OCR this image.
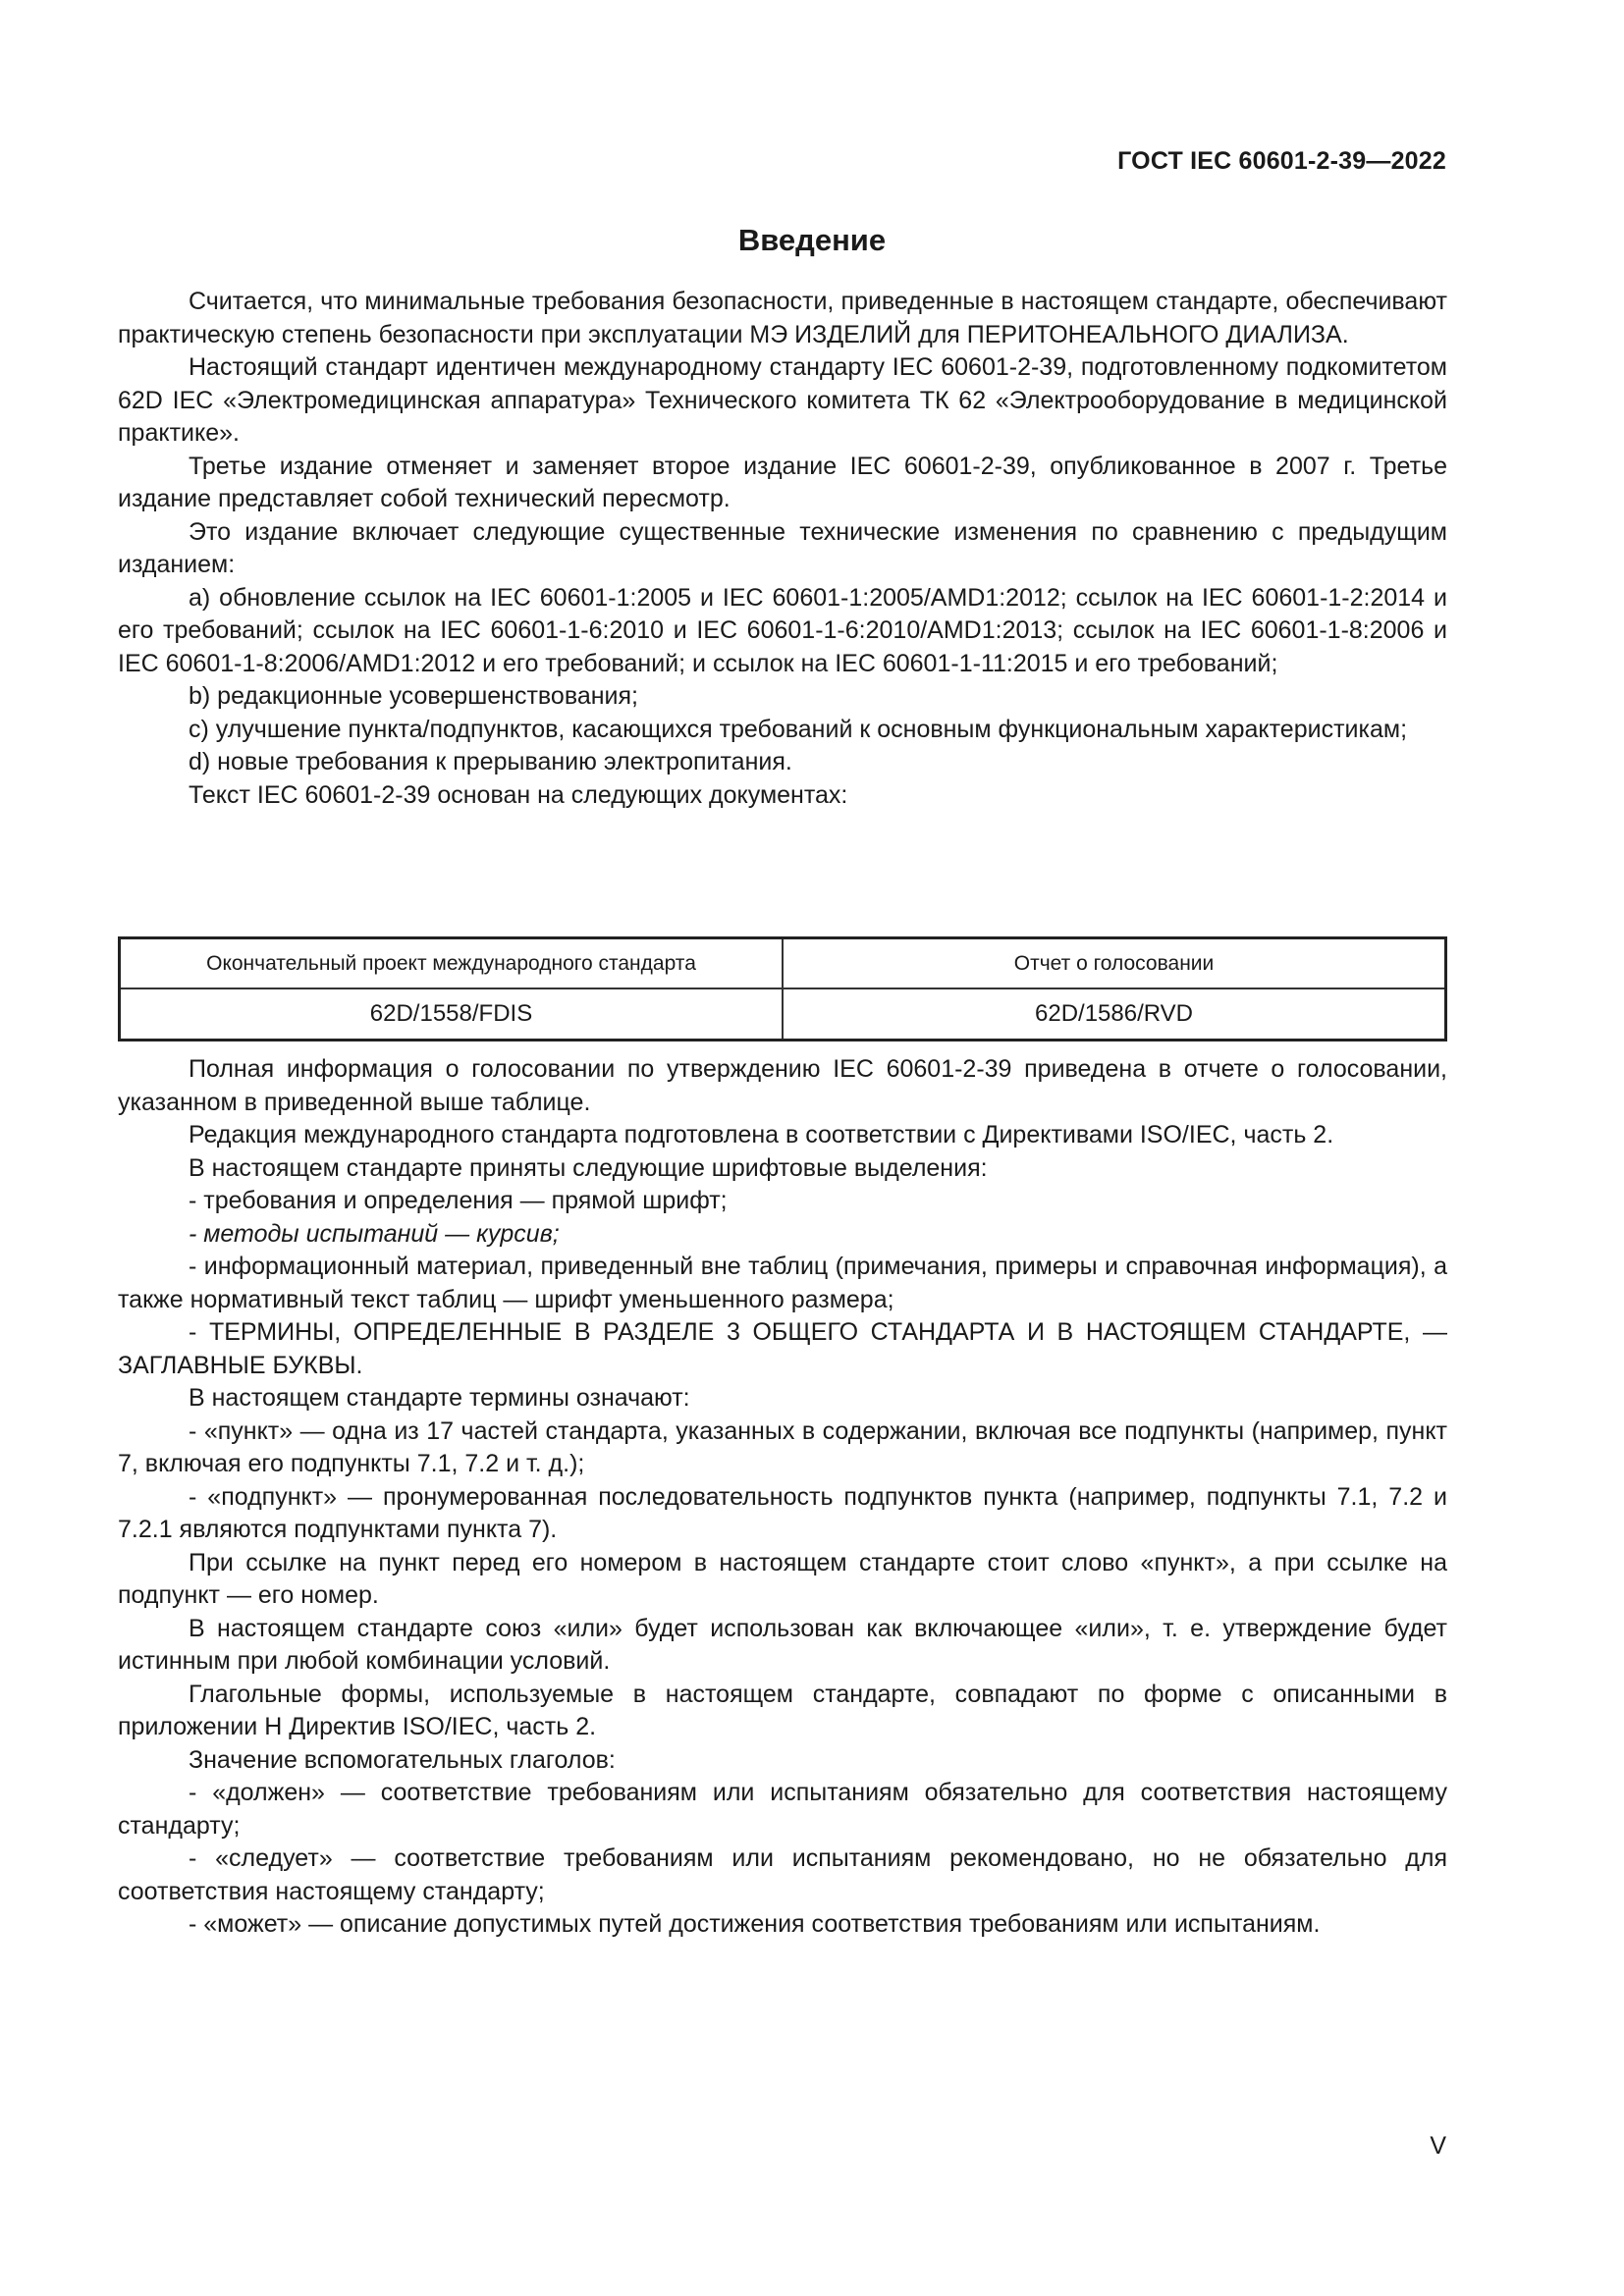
ГОСТ IEC 60601-2-39—2022
Введение

Считается, что минимальные требования безопасности, приведенные в настоящем стандарте, обеспечивают практическую степень безопасности при эксплуатации МЭ ИЗДЕЛИЙ для ПЕРИТОНЕАЛЬНОГО ДИАЛИЗА.

Настоящий стандарт идентичен международному стандарту IEC 60601-2-39, подготовленному подкомитетом 62D IEC «Электромедицинская аппаратура» Технического комитета ТК 62 «Электрооборудование в медицинской практике».

Третье издание отменяет и заменяет второе издание IEC 60601-2-39, опубликованное в 2007 г. Третье издание представляет собой технический пересмотр.

Это издание включает следующие существенные технические изменения по сравнению с предыдущим изданием:

а) обновление ссылок на IEC 60601-1:2005 и IEC 60601-1:2005/AMD1:2012; ссылок на IEC 60601-1-2:2014 и его требований; ссылок на IEC 60601-1-6:2010 и IEC 60601-1-6:2010/AMD1:2013; ссылок на IEC 60601-1-8:2006 и IEC 60601-1-8:2006/AMD1:2012 и его требований; и ссылок на IEC 60601-1-11:2015 и его требований;

b) редакционные усовершенствования;

c) улучшение пункта/подпунктов, касающихся требований к основным функциональным характеристикам;

d) новые требования к прерыванию электропитания.

Текст IEC 60601-2-39 основан на следующих документах:

Окончательный проект международного стандарта	Отчет о голосовании
62D/1558/FDIS	62D/1586/RVD

Полная информация о голосовании по утверждению IEC 60601-2-39 приведена в отчете о голосовании, указанном в приведенной выше таблице.

Редакция международного стандарта подготовлена в соответствии с Директивами ISO/IEC, часть 2.

В настоящем стандарте приняты следующие шрифтовые выделения:

- требования и определения — прямой шрифт;

- методы испытаний — курсив;

- информационный материал, приведенный вне таблиц (примечания, примеры и справочная информация), а также нормативный текст таблиц — шрифт уменьшенного размера;

- ТЕРМИНЫ, ОПРЕДЕЛЕННЫЕ В РАЗДЕЛЕ 3 ОБЩЕГО СТАНДАРТА И В НАСТОЯЩЕМ СТАНДАРТЕ, — ЗАГЛАВНЫЕ БУКВЫ.

В настоящем стандарте термины означают:

- «пункт» — одна из 17 частей стандарта, указанных в содержании, включая все подпункты (например, пункт 7, включая его подпункты 7.1, 7.2 и т. д.);

- «подпункт» — пронумерованная последовательность подпунктов пункта (например, подпункты 7.1, 7.2 и 7.2.1 являются подпунктами пункта 7).

При ссылке на пункт перед его номером в настоящем стандарте стоит слово «пункт», а при ссылке на подпункт — его номер.

В настоящем стандарте союз «или» будет использован как включающее «или», т. е. утверждение будет истинным при любой комбинации условий.

Глагольные формы, используемые в настоящем стандарте, совпадают по форме с описанными в приложении Н Директив ISO/IEC, часть 2.

Значение вспомогательных глаголов:

- «должен» — соответствие требованиям или испытаниям обязательно для соответствия настоящему стандарту;

- «следует» — соответствие требованиям или испытаниям рекомендовано, но не обязательно для соответствия настоящему стандарту;

- «может» — описание допустимых путей достижения соответствия требованиям или испытаниям.

V
